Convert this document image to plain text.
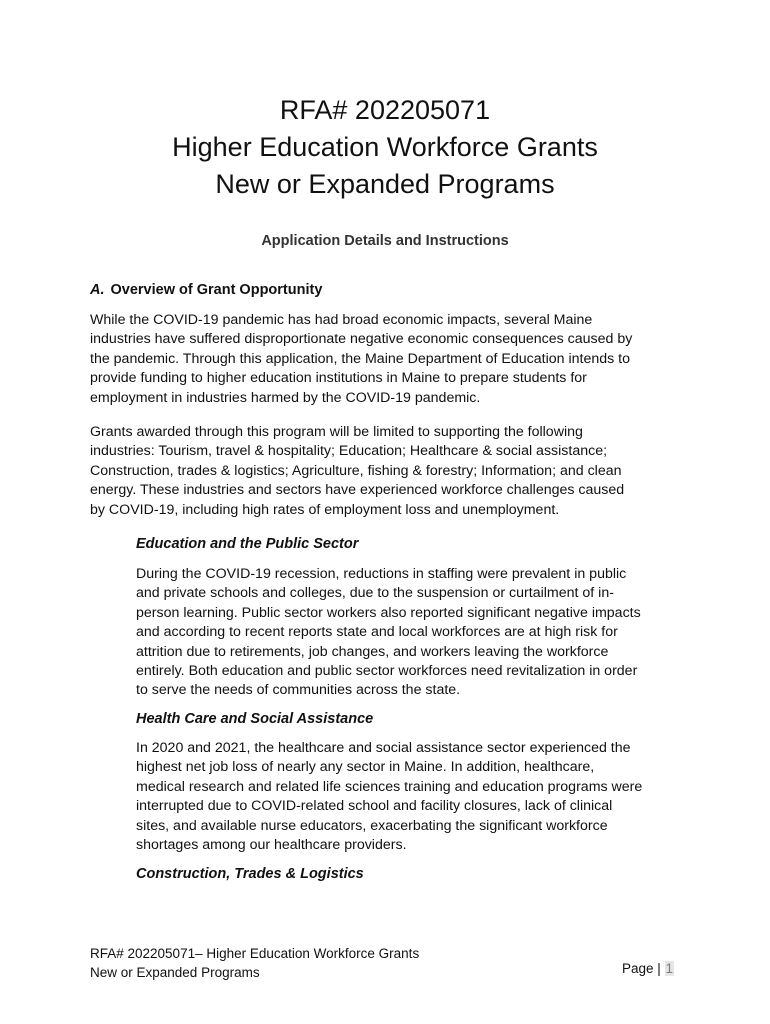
RFA# 202205071
Higher Education Workforce Grants
New or Expanded Programs
Application Details and Instructions
A. Overview of Grant Opportunity
While the COVID-19 pandemic has had broad economic impacts, several Maine
industries have suffered disproportionate negative economic consequences caused by
the pandemic. Through this application, the Maine Department of Education intends to
provide funding to higher education institutions in Maine to prepare students for
employment in industries harmed by the COVID-19 pandemic.
Grants awarded through this program will be limited to supporting the following
industries: Tourism, travel & hospitality; Education; Healthcare & social assistance;
Construction, trades & logistics; Agriculture, fishing & forestry; Information; and clean
energy. These industries and sectors have experienced workforce challenges caused
by COVID-19, including high rates of employment loss and unemployment.
Education and the Public Sector
During the COVID-19 recession, reductions in staffing were prevalent in public
and private schools and colleges, due to the suspension or curtailment of in-
person learning. Public sector workers also reported significant negative impacts
and according to recent reports state and local workforces are at high risk for
attrition due to retirements, job changes, and workers leaving the workforce
entirely. Both education and public sector workforces need revitalization in order
to serve the needs of communities across the state.
Health Care and Social Assistance
In 2020 and 2021, the healthcare and social assistance sector experienced the
highest net job loss of nearly any sector in Maine. In addition, healthcare,
medical research and related life sciences training and education programs were
interrupted due to COVID-related school and facility closures, lack of clinical
sites, and available nurse educators, exacerbating the significant workforce
shortages among our healthcare providers.
Construction, Trades & Logistics
RFA# 202205071– Higher Education Workforce Grants
New or Expanded Programs	Page | 1
